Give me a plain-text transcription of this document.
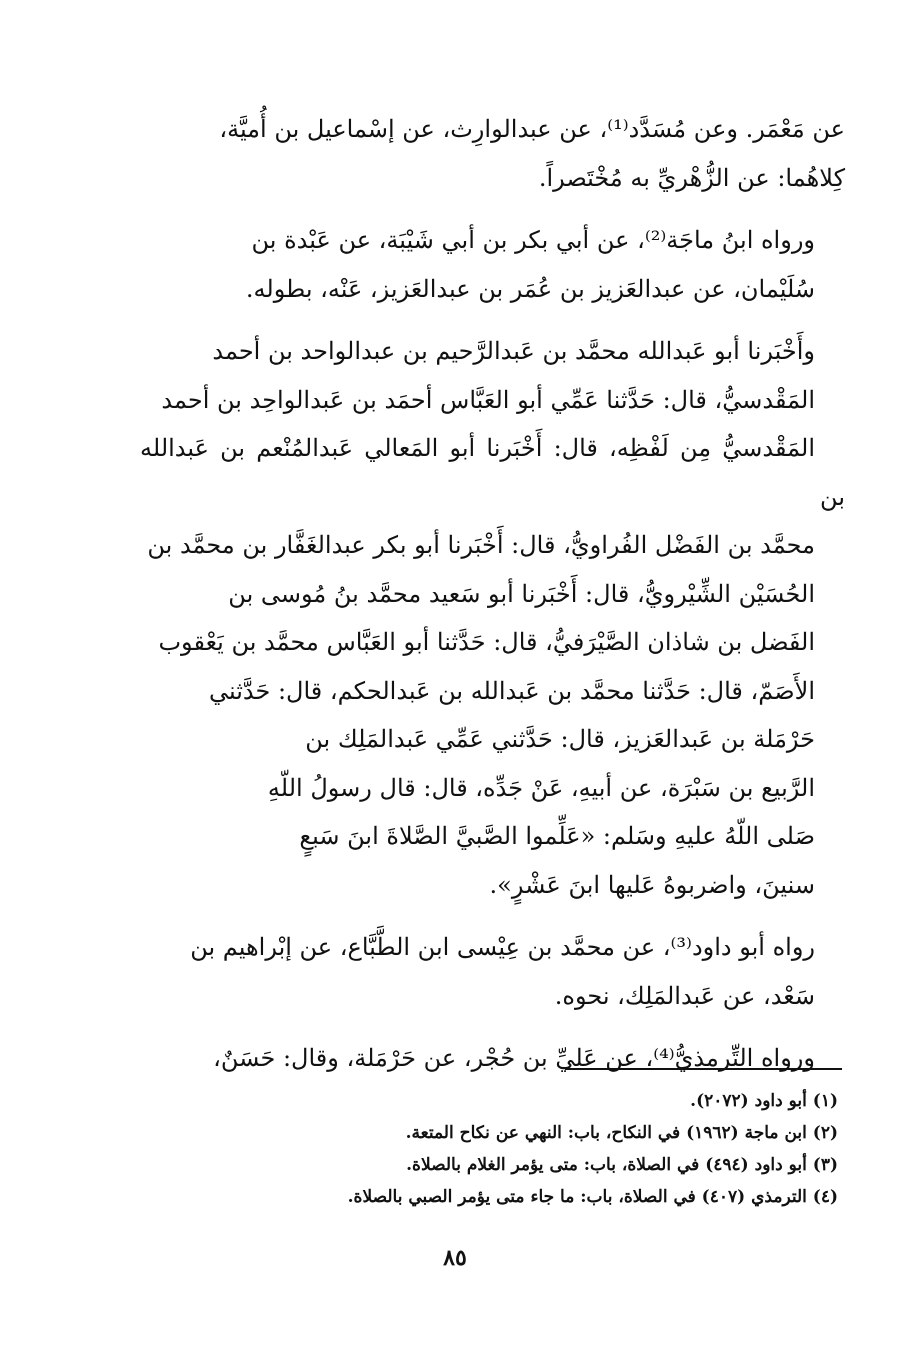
عن مَعْمَر. وعن مُسَدَّد⁽¹⁾، عن عبدالوارِث، عن إسْماعيل بن أُميَّة،
كِلاهُما: عن الزُّهْريِّ به مُخْتَصراً.

ورواه ابنُ ماجَة⁽²⁾، عن أبي بكر بن أبي شَيْبَة، عن عَبْدة بن
سُلَيْمان، عن عبدالعَزيز بن عُمَر بن عبدالعَزيز، عَنْه، بطوله.

وأَخْبَرنا أبو عَبدالله محمَّد بن عَبدالرَّحيم بن عبدالواحد بن أحمد
المَقْدسيُّ، قال: حَدَّثنا عَمِّي أبو العَبَّاس أحمَد بن عَبدالواحِد بن أحمد
المَقْدسيُّ مِن لَفْظِه، قال: أَخْبَرنا أبو المَعالي عَبدالمُنْعم بن عَبدالله بن
محمَّد بن الفَضْل الفُراويُّ، قال: أَخْبَرنا أبو بكر عبدالغَفَّار بن محمَّد بن
الحُسَيْن الشِّيْرويُّ، قال: أَخْبَرنا أبو سَعيد محمَّد بنُ مُوسى بن
الفَضل بن شاذان الصَّيْرَفيُّ، قال: حَدَّثنا أبو العَبَّاس محمَّد بن يَعْقوب
الأَصَمّ، قال: حَدَّثنا محمَّد بن عَبدالله بن عَبدالحكم، قال: حَدَّثني
حَرْمَلة بن عَبدالعَزيز، قال: حَدَّثني عَمِّي عَبدالمَلِك بن
الرَّبيع بن سَبْرَة، عن أبيهِ، عَنْ جَدِّه، قال: قال رسولُ اللّهِ
صَلى اللّهُ عليهِ وسَلم: «عَلِّموا الصَّبيَّ الصَّلاةَ ابنَ سَبعٍ
سنينَ، واضربوهُ عَليها ابنَ عَشْرٍ».

رواه أبو داود⁽³⁾، عن محمَّد بن عِيْسى ابن الطَّبَّاع، عن إبْراهيم بن
سَعْد، عن عَبدالمَلِك، نحوه.

ورواه التِّرمذيُّ⁽⁴⁾، عن عَليِّ بن حُجْر، عن حَرْمَلة، وقال: حَسَنٌ،

(١) أبو داود (٢٠٧٢).
(٢) ابن ماجة (١٩٦٢) في النكاح، باب: النهي عن نكاح المتعة.
(٣) أبو داود (٤٩٤) في الصلاة، باب: متى يؤمر الغلام بالصلاة.
(٤) الترمذي (٤٠٧) في الصلاة، باب: ما جاء متى يؤمر الصبي بالصلاة.
٨٥
